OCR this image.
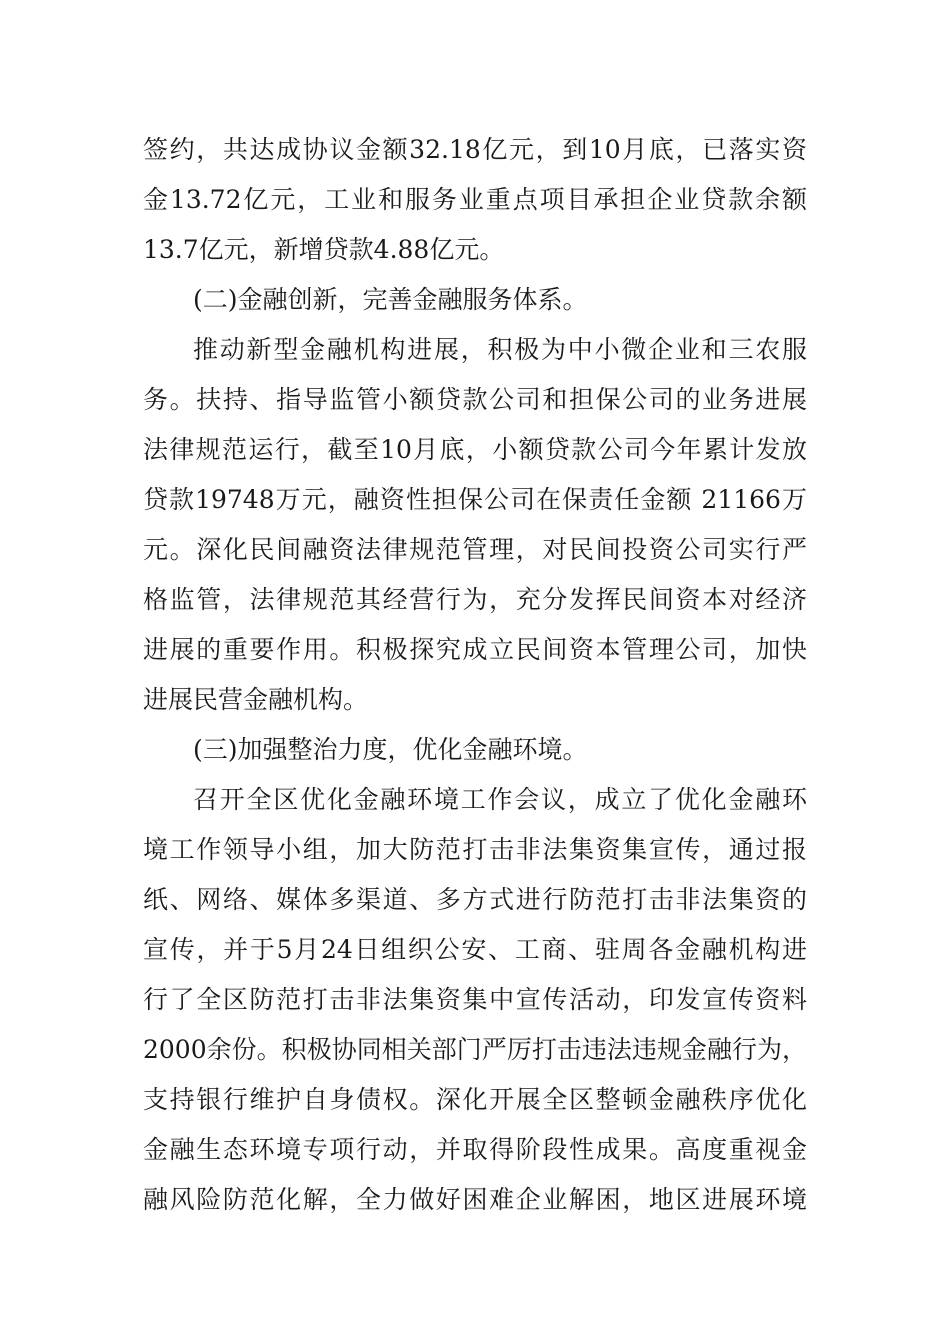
签约，共达成协议金额32.18亿元，到10月底，已落实资
金13.72亿元，工业和服务业重点项目承担企业贷款余额
13.7亿元，新增贷款4.88亿元。
(二)金融创新，完善金融服务体系。
推动新型金融机构进展，积极为中小微企业和三农服
务。扶持、指导监管小额贷款公司和担保公司的业务进展
法律规范运行，截至10月底，小额贷款公司今年累计发放
贷款19748万元，融资性担保公司在保责任金额 21166万
元。深化民间融资法律规范管理，对民间投资公司实行严
格监管，法律规范其经营行为，充分发挥民间资本对经济
进展的重要作用。积极探究成立民间资本管理公司，加快
进展民营金融机构。
(三)加强整治力度，优化金融环境。
召开全区优化金融环境工作会议，成立了优化金融环
境工作领导小组，加大防范打击非法集资集宣传，通过报
纸、网络、媒体多渠道、多方式进行防范打击非法集资的
宣传，并于5月24日组织公安、工商、驻周各金融机构进
行了全区防范打击非法集资集中宣传活动，印发宣传资料
2000余份。积极协同相关部门严厉打击违法违规金融行为，
支持银行维护自身债权。深化开展全区整顿金融秩序优化
金融生态环境专项行动，并取得阶段性成果。高度重视金
融风险防范化解，全力做好困难企业解困，地区进展环境
